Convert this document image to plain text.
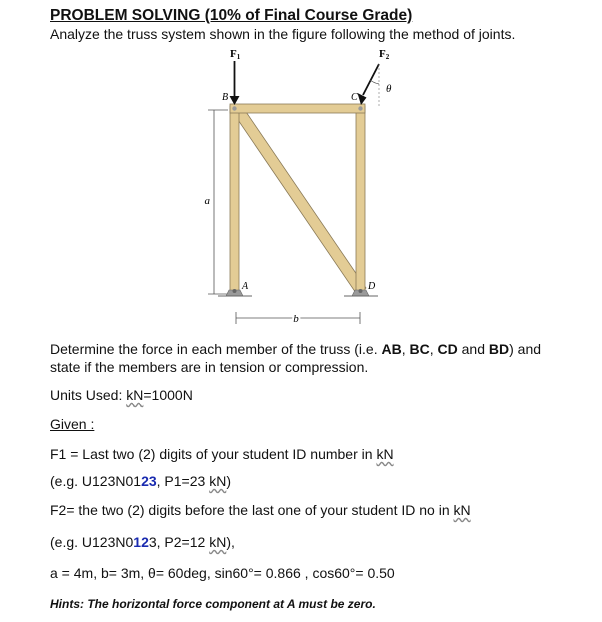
PROBLEM SOLVING (10% of Final Course Grade)

Analyze the truss system shown in the figure following the method of joints.

a
b
B	C
A	D
F1	F2
θ

Determine the force in each member of the truss (i.e. AB, BC, CD and BD) and state if the members are in tension or compression.

Units Used: kN=1000N

Given :

F1 = Last two (2) digits of your student ID number in kN

(e.g. U123N0123, P1=23 kN)

F2= the two (2) digits before the last one of your student ID no in kN

(e.g. U123N0123, P2=12 kN),

a = 4m, b= 3m, θ= 60deg, sin60°= 0.866 , cos60°= 0.50

Hints: The horizontal force component at A must be zero.
